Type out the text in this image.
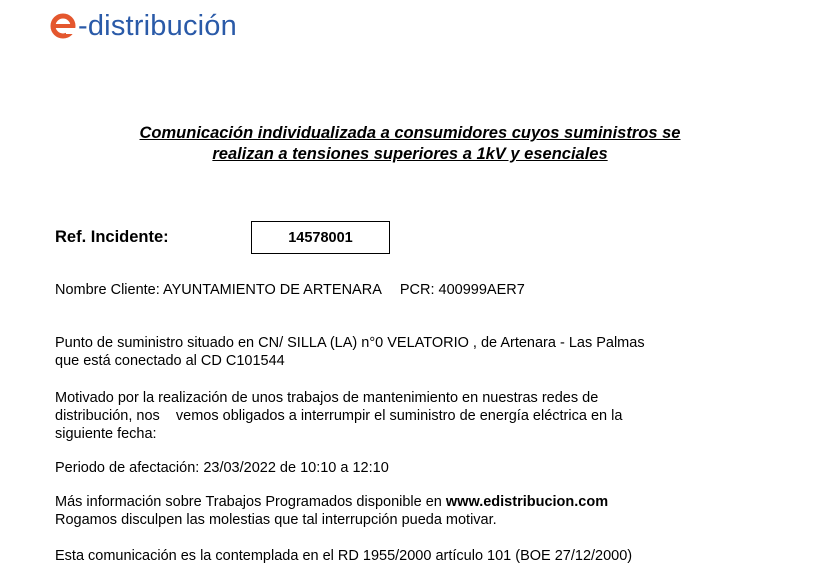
-distribución
Comunicación individualizada a consumidores cuyos suministros se
realizan a tensiones superiores a 1kV y esenciales
Ref. Incidente:	14578001
Nombre Cliente: AYUNTAMIENTO DE ARTENARA PCR: 400999AER7
Punto de suministro situado en CN/ SILLA (LA) n°0 VELATORIO , de Artenara - Las Palmas
que está conectado al CD C101544
Motivado por la realización de unos trabajos de mantenimiento en nuestras redes de
distribución, nos    vemos obligados a interrumpir el suministro de energía eléctrica en la
siguiente fecha:
Periodo de afectación: 23/03/2022 de 10:10 a 12:10
Más información sobre Trabajos Programados disponible en www.edistribucion.com
Rogamos disculpen las molestias que tal interrupción pueda motivar.
Esta comunicación es la contemplada en el RD 1955/2000 artículo 101 (BOE 27/12/2000)
